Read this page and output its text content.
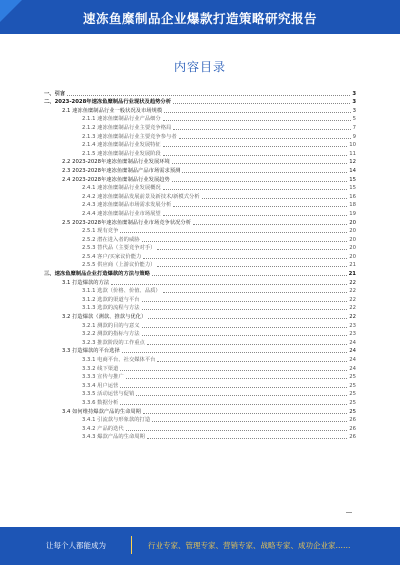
速冻鱼糜制品企业爆款打造策略研究报告
内容目录
一、引言	3
二、2023-2028年速冻鱼糜制品行业现状及趋势分析	3
2.1 速冻鱼糜制品行业一般状况及市场规模	3
2.1.1 速冻鱼糜制品行业产品细分	5
2.1.2 速冻鱼糜制品行业主要竞争格局	7
2.1.3 速冻鱼糜制品行业主要竞争参与者	9
2.1.4 速冻鱼糜制品行业发展特征	10
2.1.5 速冻鱼糜制品行业发展阶段	11
2.2 2023-2028年速冻鱼糜制品行业发展环境	12
2.3 2023-2028年速冻鱼糜制品产品市场需求预测	14
2.4 2023-2028年速冻鱼糜制品行业发展趋势	15
2.4.1 速冻鱼糜制品行业发展概况	15
2.4.2 速冻鱼糜制品发展前景及新技术/新模式分析	16
2.4.3 速冻鱼糜制品市场需求发展分析	18
2.4.4 速冻鱼糜制品行业市场展望	19
2.5 2023-2028年速冻鱼糜制品行业市场竞争状况分析	20
2.5.1 现有竞争	20
2.5.2 潜在进入者的威胁	20
2.5.3 替代品（主要竞争对手）	20
2.5.4 客户/买家议价能力	20
2.5.5 供应商（上游议价能力）	21
三、速冻鱼糜制品企业打造爆款的方法与策略	21
3.1 打造爆款的方法	22
3.1.1 选款（价格、价值、品质）	22
3.1.2 选款的渠道与平台	22
3.1.3 选款的流程与方法	22
3.2 打造爆款（测款、推款与优化）	22
3.2.1 测款的目的与意义	23
3.2.2 测款的指标与方法	23
3.2.3 推款阶段的工作重点	24
3.3 打造爆款的平台选择	24
3.3.1 电商平台、社交媒体平台	24
3.3.2 线下渠道	24
3.3.3 宣传与推广	25
3.3.4 用户运营	25
3.3.5 活动运营与促销	25
3.3.6 数据分析	25
3.4 如何维持爆款产品的生命周期	25
3.4.1 引流款与形象款的打造	26
3.4.2 产品的迭代	26
3.4.3 爆款产品的生命周期	26
让每个人都能成为	行业专家、管理专家、营销专家、战略专家、成功企业家……
